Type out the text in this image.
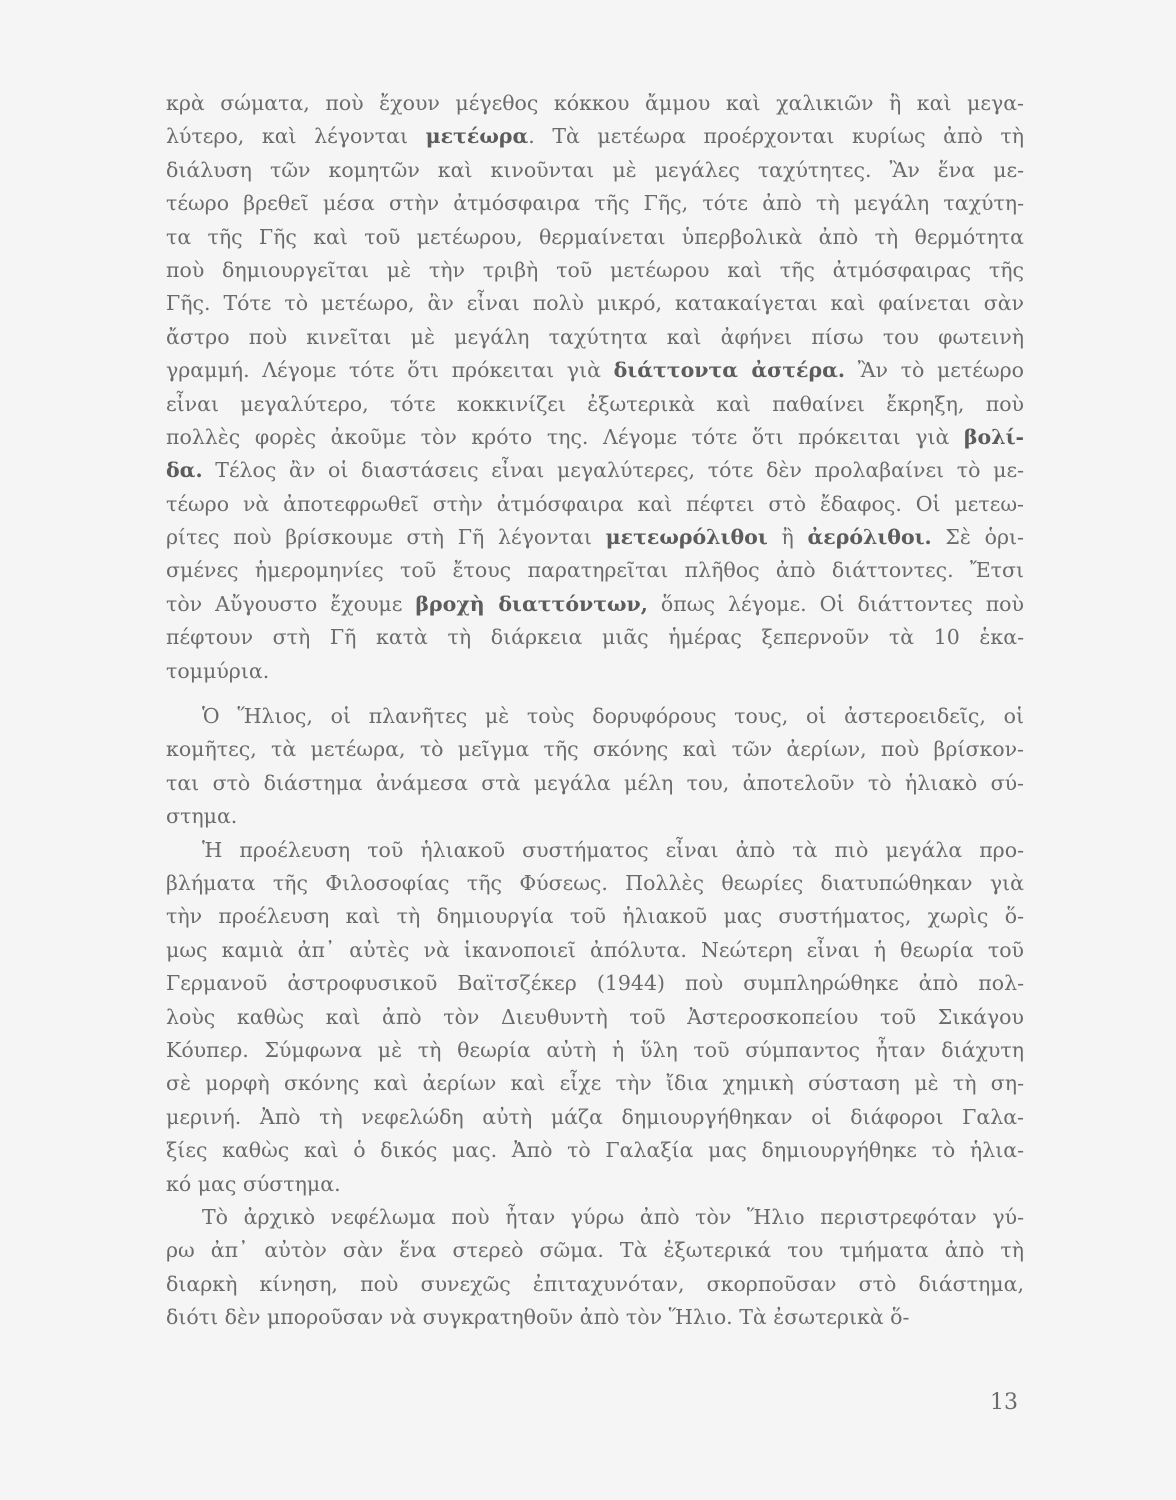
κρὰ σώματα, ποὺ ἔχουν μέγεθος κόκκου ἄμμου καὶ χαλικιῶν ἢ καὶ μεγα-
λύτερο, καὶ λέγονται μετέωρα. Τὰ μετέωρα προέρχονται κυρίως ἀπὸ τὴ
διάλυση τῶν κομητῶν καὶ κινοῦνται μὲ μεγάλες ταχύτητες. Ἂν ἕνα με-
τέωρο βρεθεῖ μέσα στὴν ἀτμόσφαιρα τῆς Γῆς, τότε ἀπὸ τὴ μεγάλη ταχύτη-
τα τῆς Γῆς καὶ τοῦ μετέωρου, θερμαίνεται ὑπερβολικὰ ἀπὸ τὴ θερμότητα
ποὺ δημιουργεῖται μὲ τὴν τριβὴ τοῦ μετέωρου καὶ τῆς ἀτμόσφαιρας τῆς
Γῆς. Τότε τὸ μετέωρο, ἂν εἶναι πολὺ μικρό, κατακαίγεται καὶ φαίνεται σὰν
ἄστρο ποὺ κινεῖται μὲ μεγάλη ταχύτητα καὶ ἀφήνει πίσω του φωτεινὴ
γραμμή. Λέγομε τότε ὅτι πρόκειται γιὰ διάττοντα ἀστέρα. Ἂν τὸ μετέωρο
εἶναι μεγαλύτερο, τότε κοκκινίζει ἐξωτερικὰ καὶ παθαίνει ἔκρηξη, ποὺ
πολλὲς φορὲς ἀκοῦμε τὸν κρότο της. Λέγομε τότε ὅτι πρόκειται γιὰ βολί-
δα. Τέλος ἂν οἱ διαστάσεις εἶναι μεγαλύτερες, τότε δὲν προλαβαίνει τὸ με-
τέωρο νὰ ἀποτεφρωθεῖ στὴν ἀτμόσφαιρα καὶ πέφτει στὸ ἔδαφος. Οἱ μετεω-
ρίτες ποὺ βρίσκουμε στὴ Γῆ λέγονται μετεωρόλιθοι ἢ ἀερόλιθοι. Σὲ ὁρι-
σμένες ἡμερομηνίες τοῦ ἔτους παρατηρεῖται πλῆθος ἀπὸ διάττοντες. Ἔτσι
τὸν Αὔγουστο ἔχουμε βροχὴ διαττόντων, ὅπως λέγομε. Οἱ διάττοντες ποὺ
πέφτουν στὴ Γῆ κατὰ τὴ διάρκεια μιᾶς ἡμέρας ξεπερνοῦν τὰ 10 ἑκα-
τομμύρια.
Ὁ Ἥλιος, οἱ πλανῆτες μὲ τοὺς δορυφόρους τους, οἱ ἀστεροειδεῖς, οἱ
κομῆτες, τὰ μετέωρα, τὸ μεῖγμα τῆς σκόνης καὶ τῶν ἀερίων, ποὺ βρίσκον-
ται στὸ διάστημα ἀνάμεσα στὰ μεγάλα μέλη του, ἀποτελοῦν τὸ ἡλιακὸ σύ-
στημα.
Ἡ προέλευση τοῦ ἡλιακοῦ συστήματος εἶναι ἀπὸ τὰ πιὸ μεγάλα προ-
βλήματα τῆς Φιλοσοφίας τῆς Φύσεως. Πολλὲς θεωρίες διατυπώθηκαν γιὰ
τὴν προέλευση καὶ τὴ δημιουργία τοῦ ἡλιακοῦ μας συστήματος, χωρὶς ὅ-
μως καμιὰ ἀπ᾽ αὐτὲς νὰ ἱκανοποιεῖ ἀπόλυτα. Νεώτερη εἶναι ἡ θεωρία τοῦ
Γερμανοῦ ἀστροφυσικοῦ Βαϊτσζέκερ (1944) ποὺ συμπληρώθηκε ἀπὸ πολ-
λοὺς καθὼς καὶ ἀπὸ τὸν Διευθυντὴ τοῦ Ἀστεροσκοπείου τοῦ Σικάγου
Κόυπερ. Σύμφωνα μὲ τὴ θεωρία αὐτὴ ἡ ὕλη τοῦ σύμπαντος ἦταν διάχυτη
σὲ μορφὴ σκόνης καὶ ἀερίων καὶ εἶχε τὴν ἴδια χημικὴ σύσταση μὲ τὴ ση-
μερινή. Ἀπὸ τὴ νεφελώδη αὐτὴ μάζα δημιουργήθηκαν οἱ διάφοροι Γαλα-
ξίες καθὼς καὶ ὁ δικός μας. Ἀπὸ τὸ Γαλαξία μας δημιουργήθηκε τὸ ἡλια-
κό μας σύστημα.
Τὸ ἀρχικὸ νεφέλωμα ποὺ ἦταν γύρω ἀπὸ τὸν Ἥλιο περιστρεφόταν γύ-
ρω ἀπ᾽ αὐτὸν σὰν ἕνα στερεὸ σῶμα. Τὰ ἐξωτερικά του τμήματα ἀπὸ τὴ
διαρκὴ κίνηση, ποὺ συνεχῶς ἐπιταχυνόταν, σκορποῦσαν στὸ διάστημα,
διότι δὲν μποροῦσαν νὰ συγκρατηθοῦν ἀπὸ τὸν Ἥλιο. Τὰ ἐσωτερικὰ ὅ-
13
